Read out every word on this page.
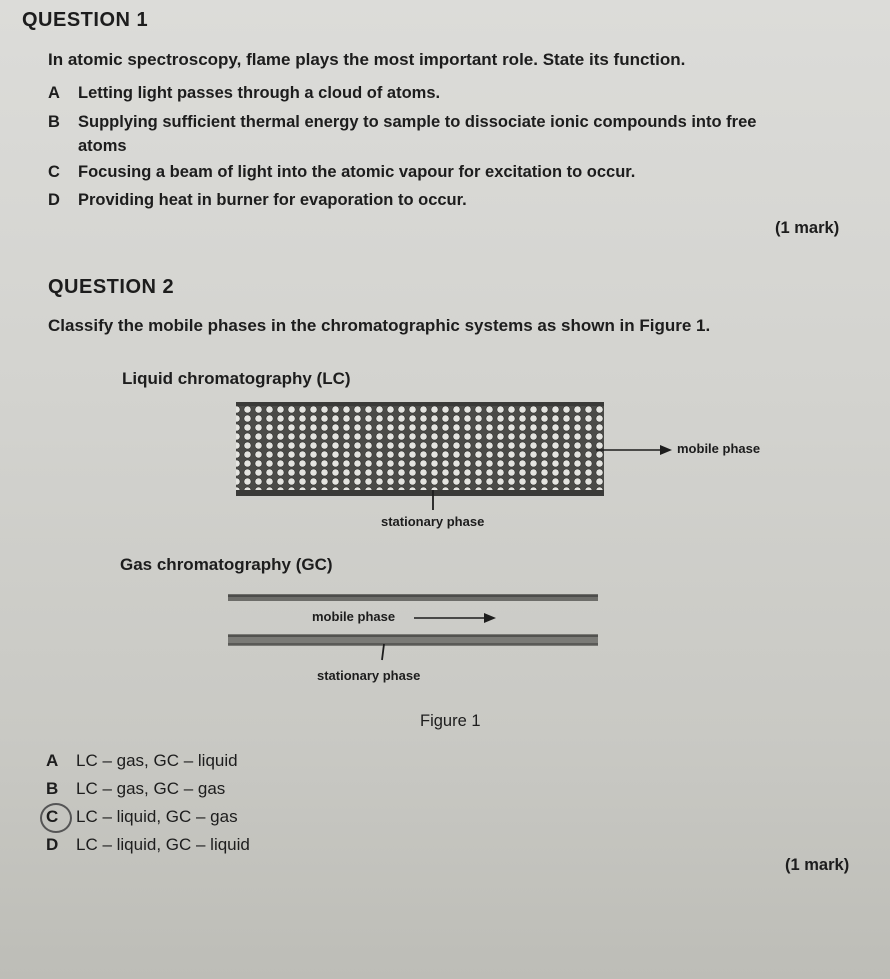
QUESTION 1
In atomic spectroscopy, flame plays the most important role. State its function.
A Letting light passes through a cloud of atoms.
B Supplying sufficient thermal energy to sample to dissociate ionic compounds into free
atoms
C Focusing a beam of light into the atomic vapour for excitation to occur.
D Providing heat in burner for evaporation to occur.
(1 mark)
QUESTION 2
Classify the mobile phases in the chromatographic systems as shown in Figure 1.
Liquid chromatography (LC)
mobile phase
stationary phase
Gas chromatography (GC)
mobile phase
stationary phase
Figure 1
A LC – gas, GC – liquid
B LC – gas, GC – gas
C LC – liquid, GC – gas
D LC – liquid, GC – liquid
(1 mark)
